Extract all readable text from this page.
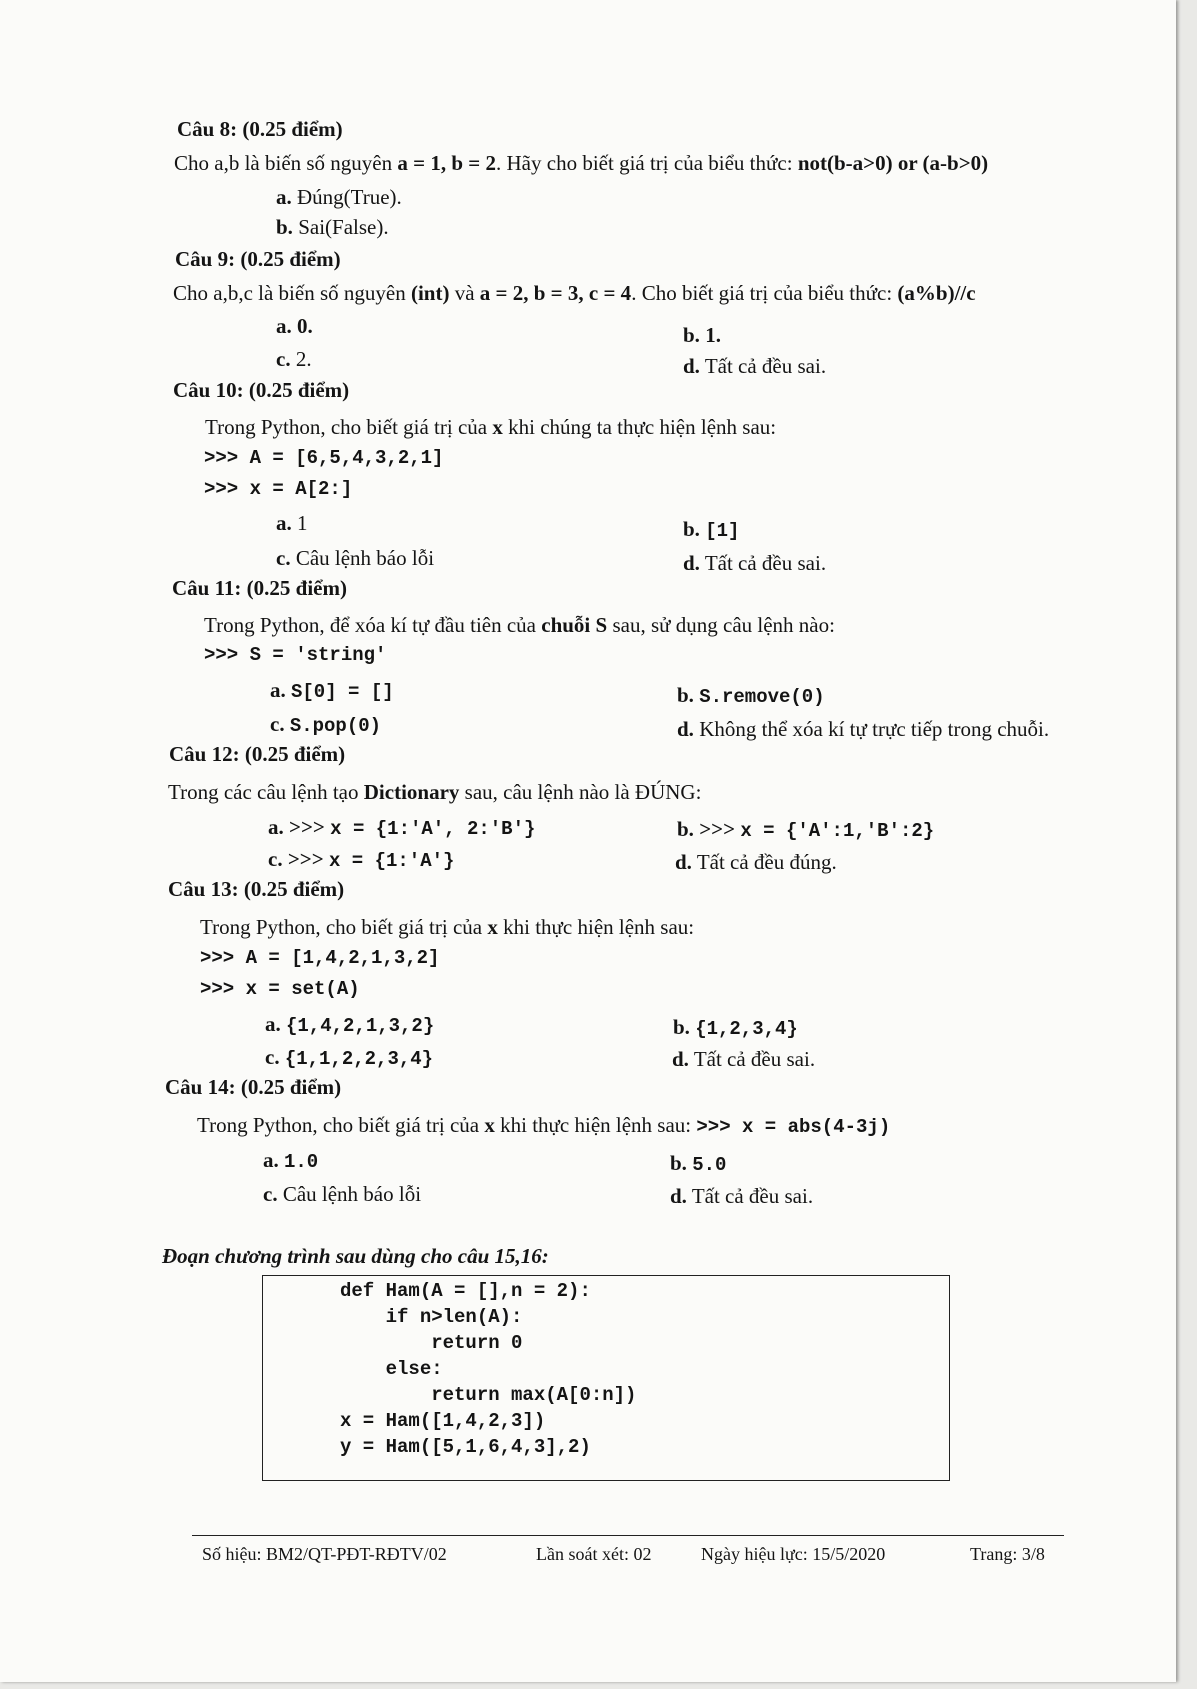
Câu 8: (0.25 điểm)
Cho a,b là biến số nguyên a = 1, b = 2. Hãy cho biết giá trị của biểu thức: not(b-a>0) or (a-b>0)
a. Đúng(True).
b. Sai(False).
Câu 9: (0.25 điểm)
Cho a,b,c là biến số nguyên (int) và a = 2, b = 3, c = 4. Cho biết giá trị của biểu thức: (a%b)//c
a. 0.	b. 1.
c. 2.	d. Tất cả đều sai.
Câu 10: (0.25 điểm)
Trong Python, cho biết giá trị của x khi chúng ta thực hiện lệnh sau:
>>> A = [6,5,4,3,2,1]
>>> x = A[2:]
a. 1	b. [1]
c. Câu lệnh báo lỗi	d. Tất cả đều sai.
Câu 11: (0.25 điểm)
Trong Python, để xóa kí tự đầu tiên của chuỗi S sau, sử dụng câu lệnh nào:
>>> S = 'string'
a. S[0] = []	b. S.remove(0)
c. S.pop(0)	d. Không thể xóa kí tự trực tiếp trong chuỗi.
Câu 12: (0.25 điểm)
Trong các câu lệnh tạo Dictionary sau, câu lệnh nào là ĐÚNG:
a. >>> x = {1:'A', 2:'B'}	b. >>> x = {'A':1,'B':2}
c. >>> x = {1:'A'}	d. Tất cả đều đúng.
Câu 13: (0.25 điểm)
Trong Python, cho biết giá trị của x khi thực hiện lệnh sau:
>>> A = [1,4,2,1,3,2]
>>> x = set(A)
a. {1,4,2,1,3,2}	b. {1,2,3,4}
c. {1,1,2,2,3,4}	d. Tất cả đều sai.
Câu 14: (0.25 điểm)
Trong Python, cho biết giá trị của x khi thực hiện lệnh sau: >>> x = abs(4-3j)
a. 1.0	b. 5.0
c. Câu lệnh báo lỗi	d. Tất cả đều sai.
Đoạn chương trình sau dùng cho câu 15,16:
def Ham(A = [],n = 2):
if n>len(A):
return 0
else:
return max(A[0:n])
x = Ham([1,4,2,3])
y = Ham([5,1,6,4,3],2)
Số hiệu: BM2/QT-PĐT-RĐTV/02	Lần soát xét: 02	Ngày hiệu lực: 15/5/2020	Trang: 3/8
